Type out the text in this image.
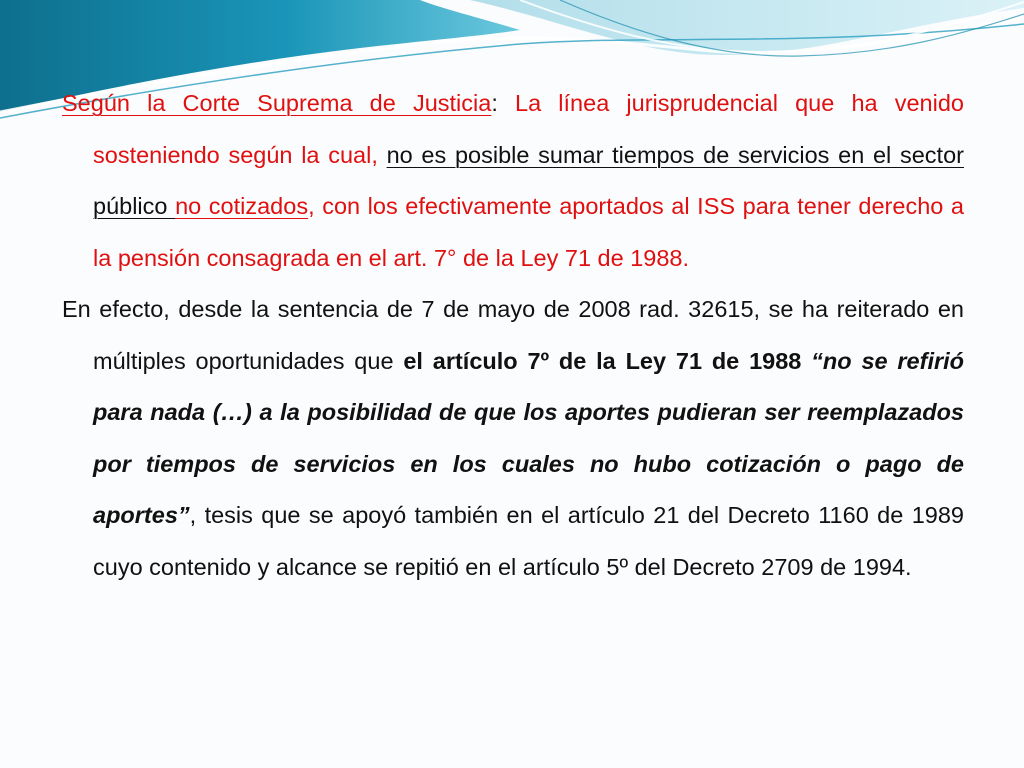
Según la Corte Suprema de Justicia: La línea jurisprudencial que ha venido sosteniendo según la cual, no es posible sumar tiempos de servicios en el sector público no cotizados, con los efectivamente aportados al ISS para tener derecho a la pensión consagrada en el art. 7° de la Ley 71 de 1988.

En efecto, desde la sentencia de 7 de mayo de 2008 rad. 32615, se ha reiterado en múltiples oportunidades que el artículo 7º de la Ley 71 de 1988 “no se refirió para nada (…) a la posibilidad de que los aportes pudieran ser reemplazados por tiempos de servicios en los cuales no hubo cotización o pago de aportes”, tesis que se apoyó también en el artículo 21 del Decreto 1160 de 1989 cuyo contenido y alcance se repitió en el artículo 5º del Decreto 2709 de 1994.
